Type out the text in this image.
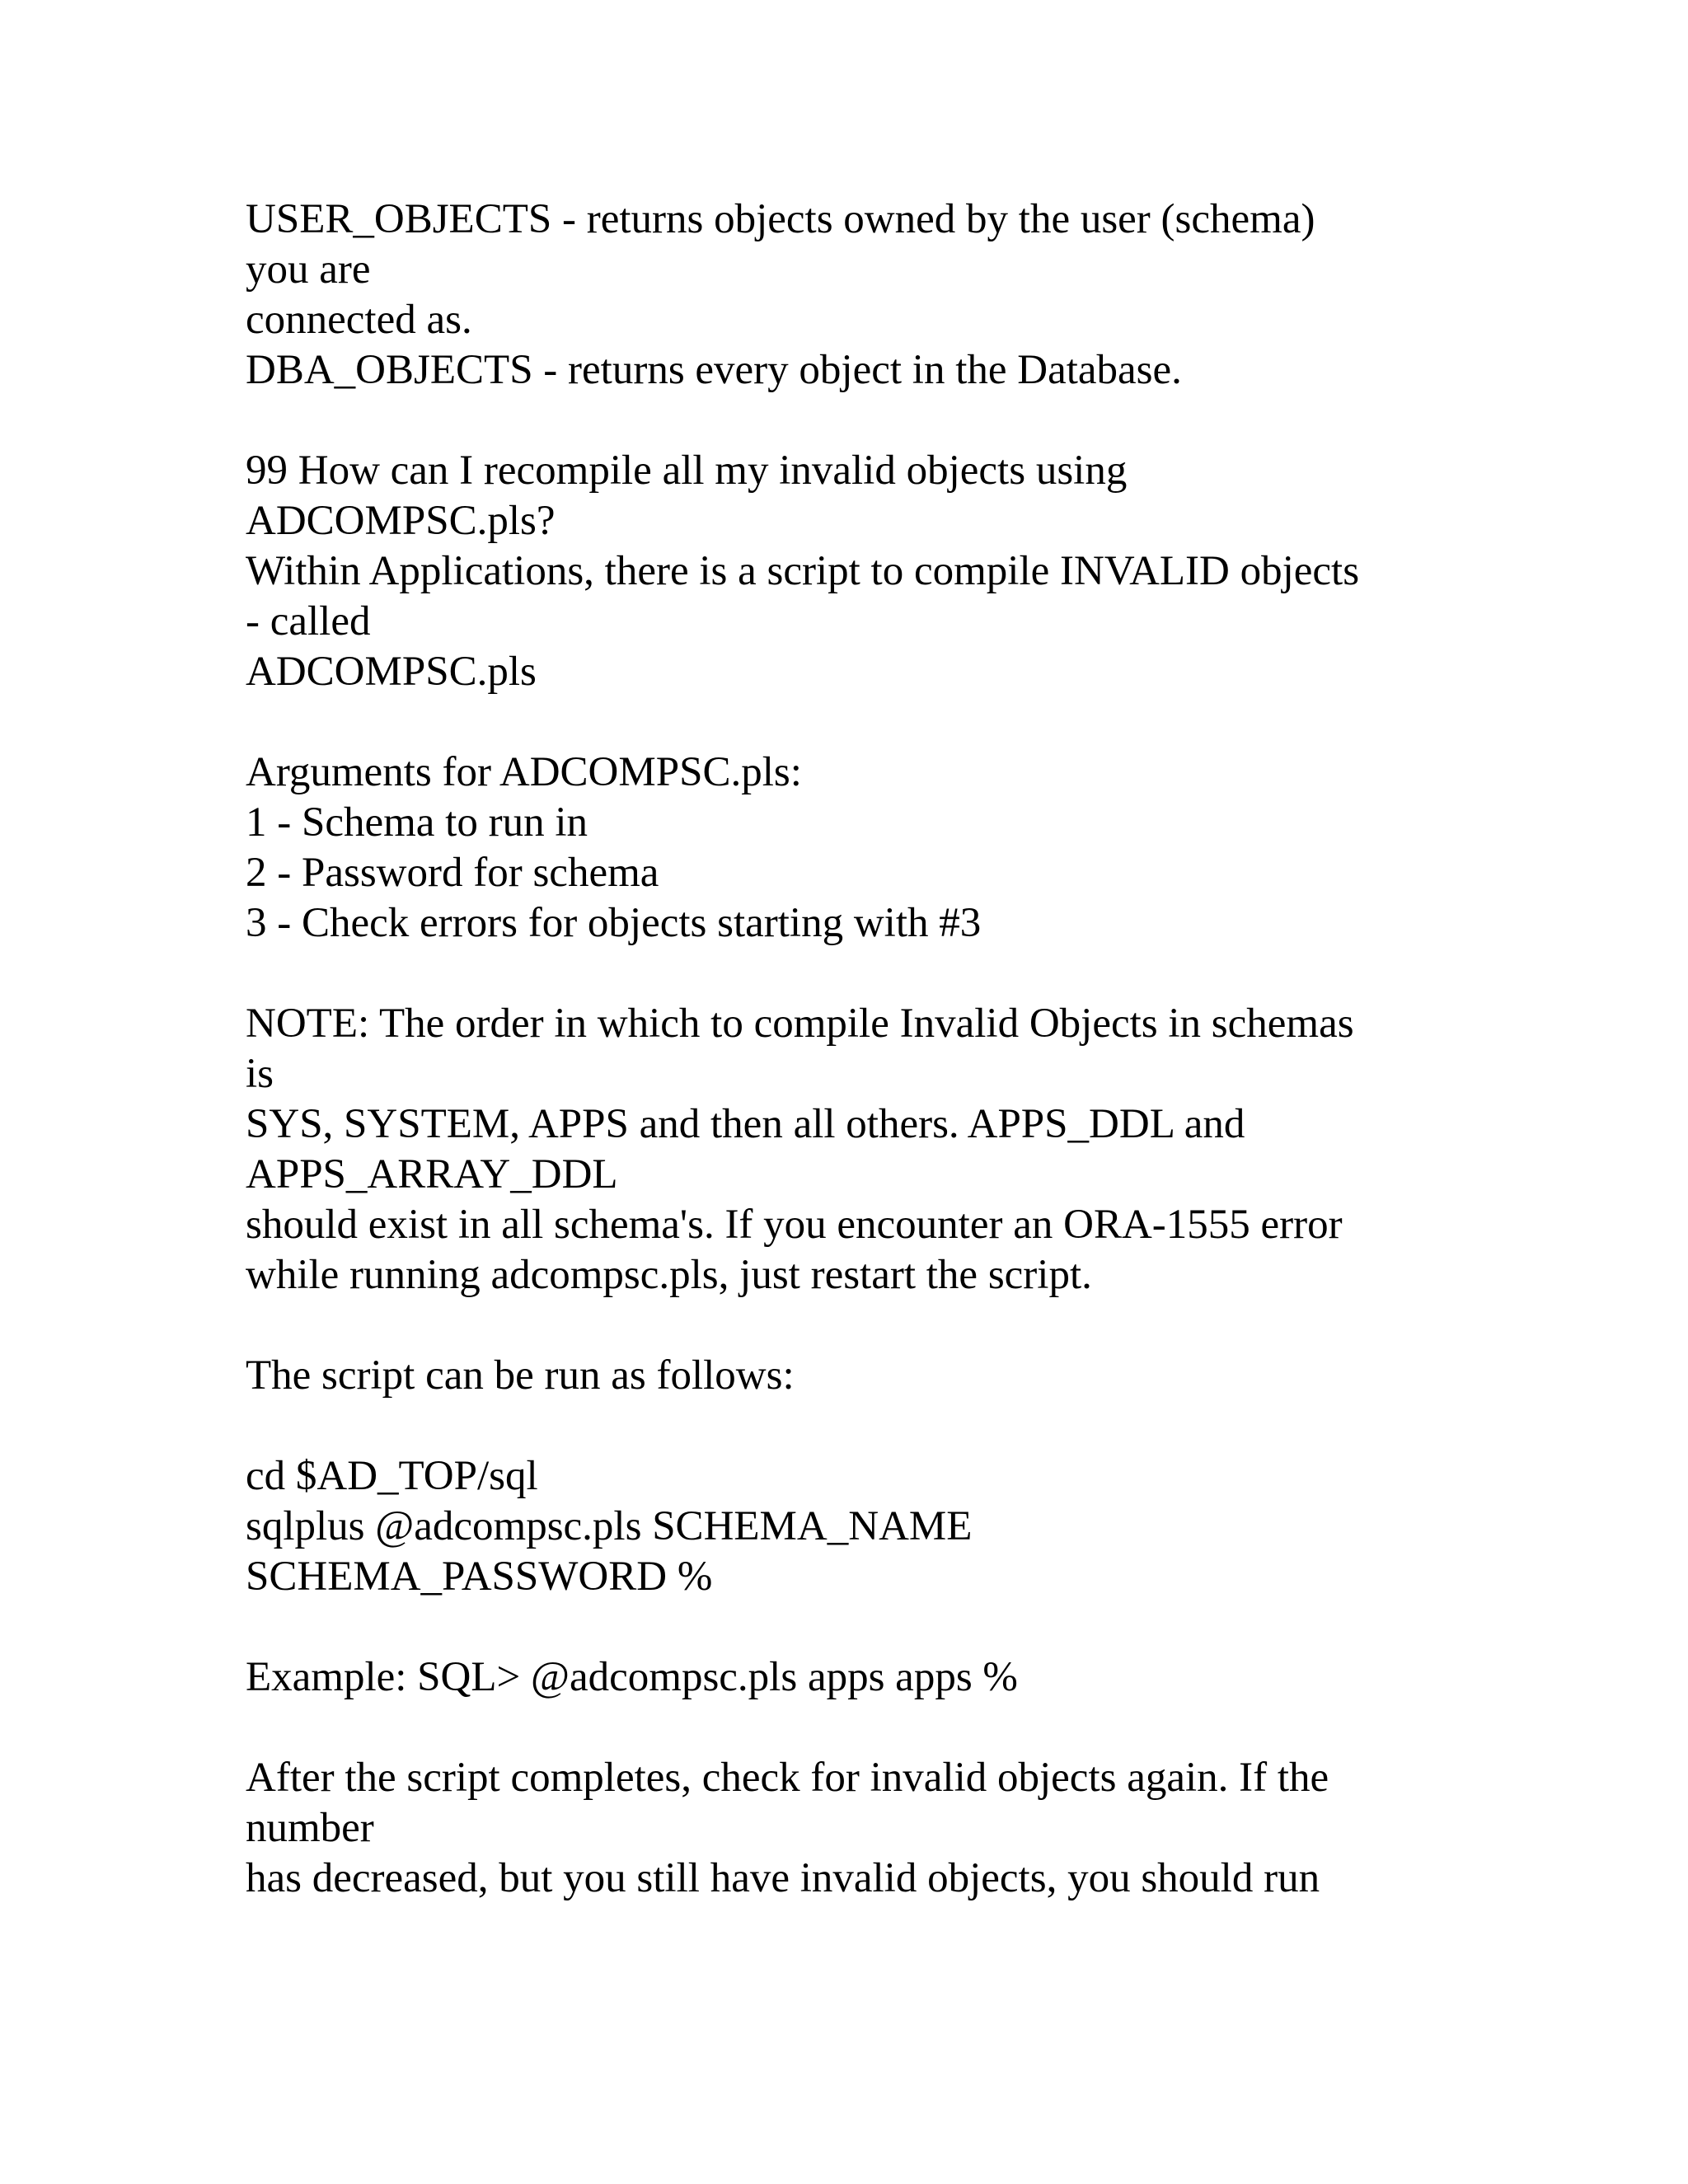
USER_OBJECTS - returns objects owned by the user (schema)
you are
connected as.
DBA_OBJECTS - returns every object in the Database.
99 How can I recompile all my invalid objects using
ADCOMPSC.pls?
Within Applications, there is a script to compile INVALID objects
- called
ADCOMPSC.pls
Arguments for ADCOMPSC.pls:
1 - Schema to run in
2 - Password for schema
3 - Check errors for objects starting with #3
NOTE: The order in which to compile Invalid Objects in schemas
is
SYS, SYSTEM, APPS and then all others. APPS_DDL and
APPS_ARRAY_DDL
should exist in all schema's. If you encounter an ORA-1555 error
while running adcompsc.pls, just restart the script.
The script can be run as follows:
cd $AD_TOP/sql
sqlplus @adcompsc.pls SCHEMA_NAME
SCHEMA_PASSWORD %
Example: SQL> @adcompsc.pls apps apps %
After the script completes, check for invalid objects again. If the
number
has decreased, but you still have invalid objects, you should run
